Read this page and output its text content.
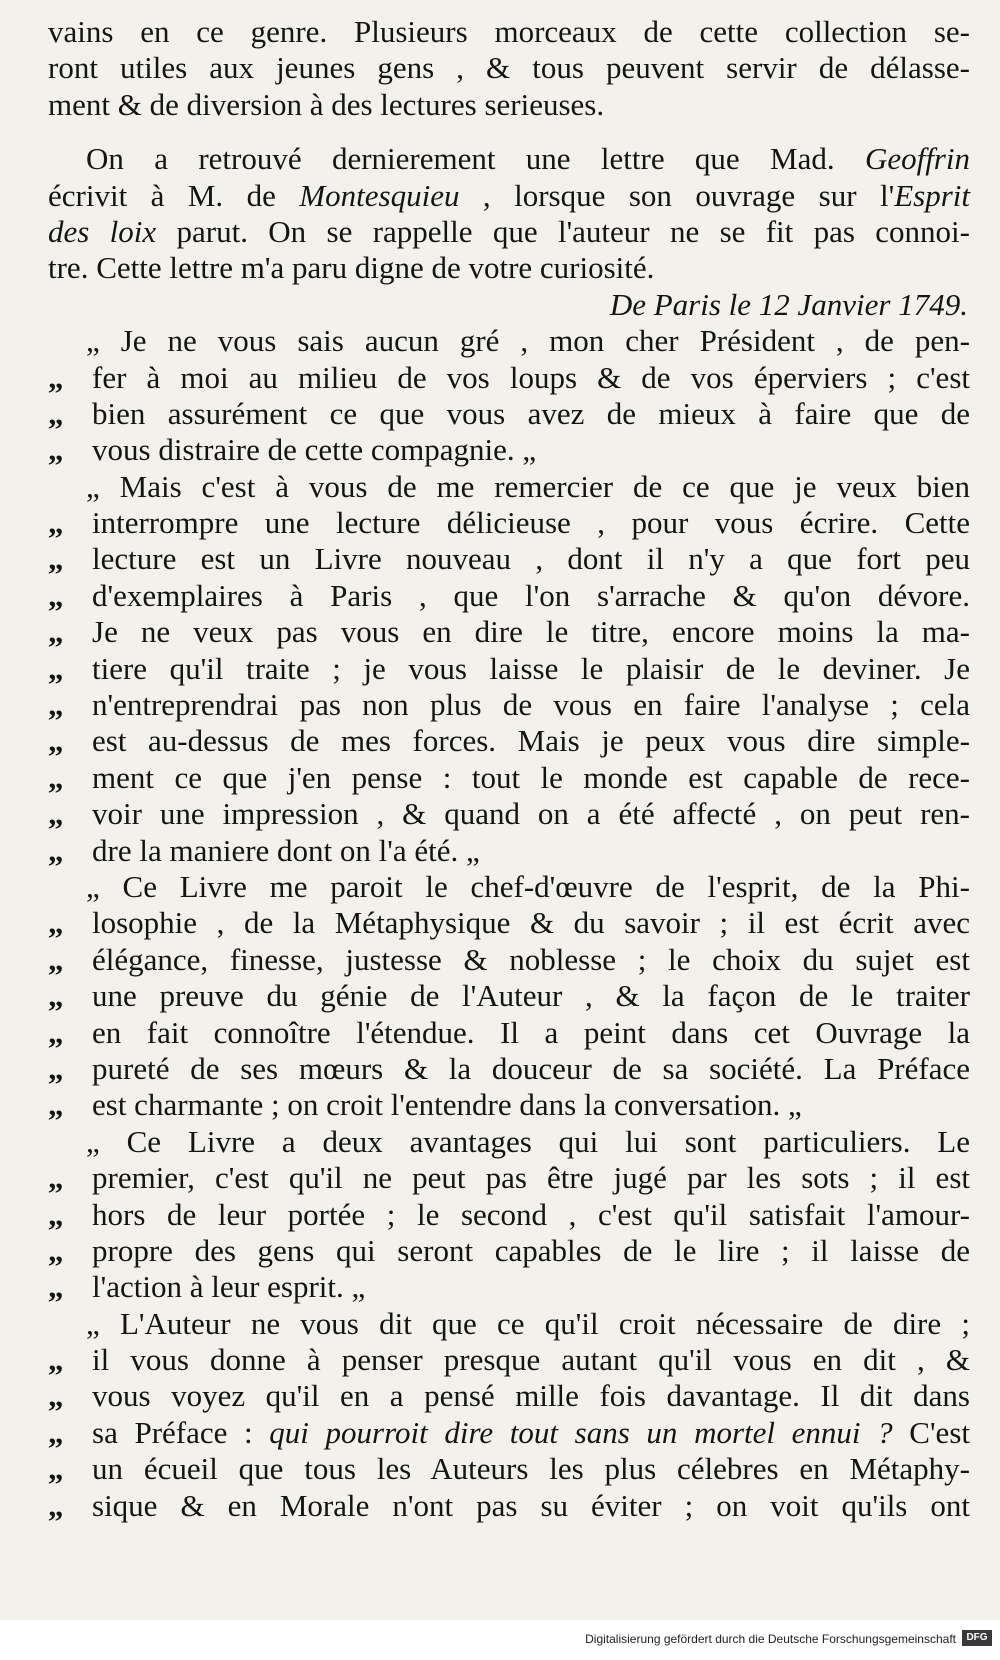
vains en ce genre. Plusieurs morceaux de cette collection se-
ront utiles aux jeunes gens , & tous peuvent servir de délasse-
ment & de diversion à des lectures serieuses.
On a retrouvé dernierement une lettre que Mad. Geoffrin
écrivit à M. de Montesquieu , lorsque son ouvrage sur l'Esprit
des loix parut. On se rappelle que l'auteur ne se fit pas connoi-
tre. Cette lettre m'a paru digne de votre curiosité.
De Paris le 12 Janvier 1749.
„ Je ne vous sais aucun gré , mon cher Président , de pen-
„ fer à moi au milieu de vos loups & de vos éperviers ; c'est
„ bien assurément ce que vous avez de mieux à faire que de
„ vous distraire de cette compagnie. „
„ Mais c'est à vous de me remercier de ce que je veux bien
„ interrompre une lecture délicieuse , pour vous écrire. Cette
„ lecture est un Livre nouveau , dont il n'y a que fort peu
„ d'exemplaires à Paris , que l'on s'arrache & qu'on dévore.
„ Je ne veux pas vous en dire le titre, encore moins la ma-
„ tiere qu'il traite ; je vous laisse le plaisir de le deviner. Je
„ n'entreprendrai pas non plus de vous en faire l'analyse ; cela
„ est au-dessus de mes forces. Mais je peux vous dire simple-
„ ment ce que j'en pense : tout le monde est capable de rece-
„ voir une impression , & quand on a été affecté , on peut ren-
„ dre la maniere dont on l'a été. „
„ Ce Livre me paroit le chef-d'œuvre de l'esprit, de la Phi-
„ losophie , de la Métaphysique & du savoir ; il est écrit avec
„ élégance, finesse, justesse & noblesse ; le choix du sujet est
„ une preuve du génie de l'Auteur , & la façon de le traiter
„ en fait connoître l'étendue. Il a peint dans cet Ouvrage la
„ pureté de ses mœurs & la douceur de sa société. La Préface
„ est charmante ; on croit l'entendre dans la conversation. „
„ Ce Livre a deux avantages qui lui sont particuliers. Le
„ premier, c'est qu'il ne peut pas être jugé par les sots ; il est
„ hors de leur portée ; le second , c'est qu'il satisfait l'amour-
„ propre des gens qui seront capables de le lire ; il laisse de
„ l'action à leur esprit. „
„ L'Auteur ne vous dit que ce qu'il croit nécessaire de dire ;
„ il vous donne à penser presque autant qu'il vous en dit , &
„ vous voyez qu'il en a pensé mille fois davantage. Il dit dans
„ sa Préface : qui pourroit dire tout sans un mortel ennui ? C'est
„ un écueil que tous les Auteurs les plus célebres en Métaphy-
„ sique & en Morale n'ont pas su éviter ; on voit qu'ils ont
Digitalisierung gefördert durch die Deutsche Forschungsgemeinschaft	DFG
